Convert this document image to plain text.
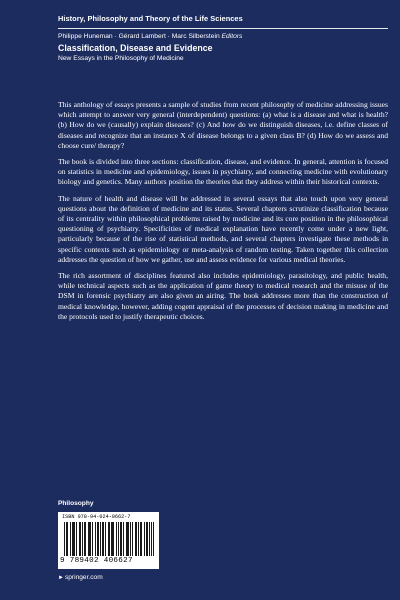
History, Philosophy and Theory of the Life Sciences

Philippe Huneman · Gérard Lambert · Marc Silberstein Editors

Classification, Disease and Evidence

New Essays in the Philosophy of Medicine

This anthology of essays presents a sample of studies from recent philosophy of medicine addressing issues which attempt to answer very general (interdependent) questions: (a) what is a disease and what is health? (b) How do we (causally) explain diseases? (c) And how do we distinguish diseases, i.e. define classes of diseases and recognize that an instance X of disease belongs to a given class B? (d) How do we assess and choose cure/ therapy?

The book is divided into three sections: classification, disease, and evidence. In general, attention is focused on statistics in medicine and epidemiology, issues in psychiatry, and connecting medicine with evolutionary biology and genetics. Many authors position the theories that they address within their historical contexts.

The nature of health and disease will be addressed in several essays that also touch upon very general questions about the definition of medicine and its status. Several chapters scrutinize classification because of its centrality within philosophical problems raised by medicine and its core position in the philosophical questioning of psychiatry. Specificities of medical explanation have recently come under a new light, particularly because of the rise of statistical methods, and several chapters investigate these methods in specific contexts such as epidemiology or meta-analysis of random testing. Taken together this collection addresses the question of how we gather, use and assess evidence for various medical theories.

The rich assortment of disciplines featured also includes epidemiology, parasitology, and public health, while technical aspects such as the application of game theory to medical research and the misuse of the DSM in forensic psychiatry are also given an airing. The book addresses more than the construction of medical knowledge, however, adding cogent appraisal of the processes of decision making in medicine and the protocols used to justify therapeutic choices.

Philosophy
ISBN 978-94-024-0662-7
9 789402 406627
►springer.com
